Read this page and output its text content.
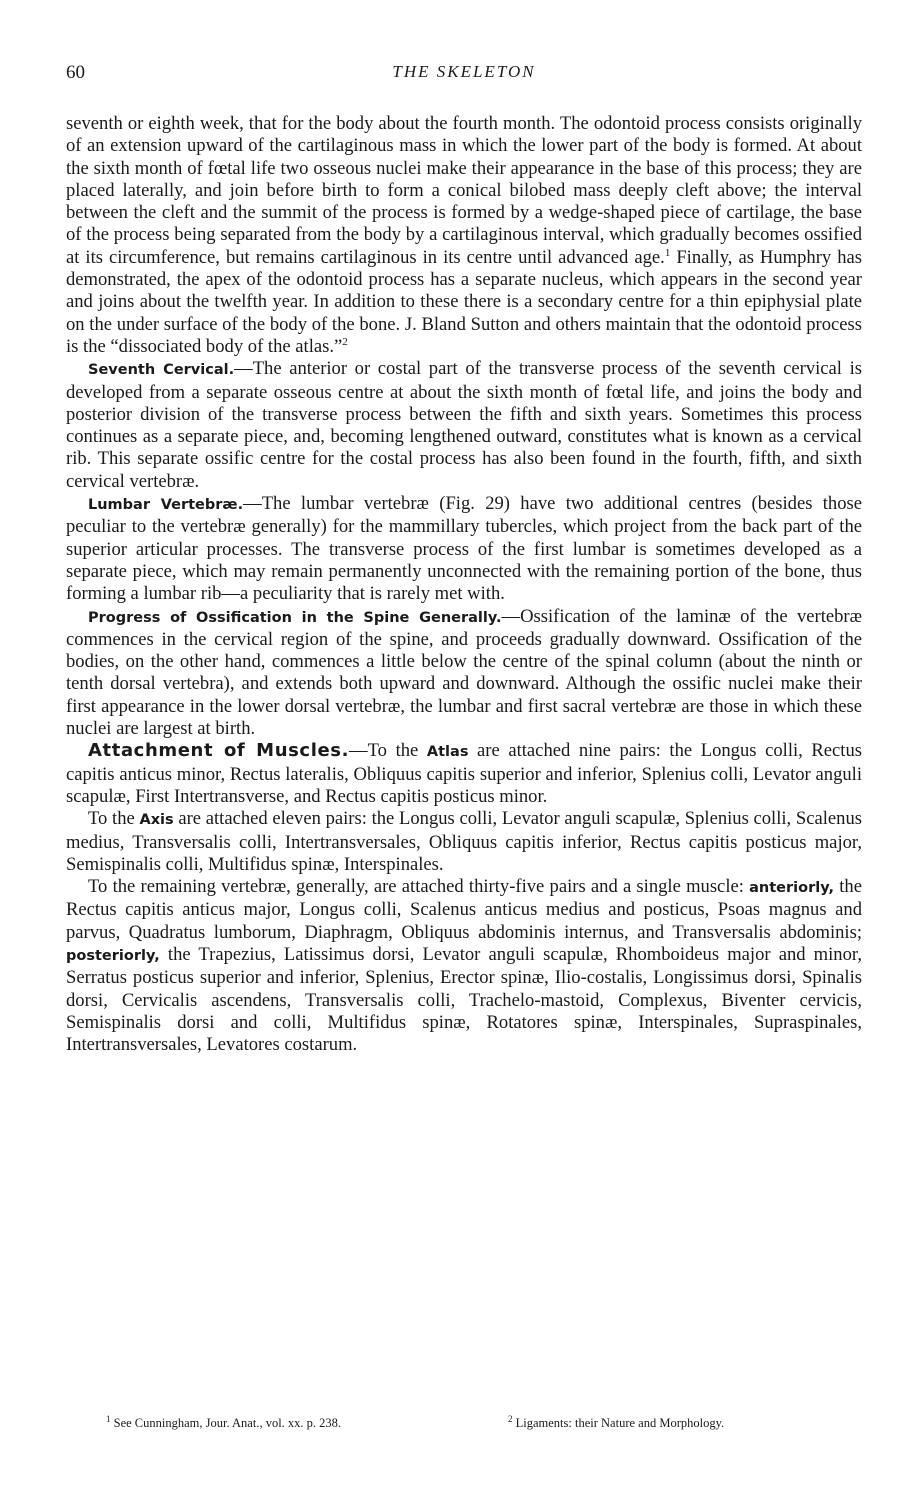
60	THE SKELETON

seventh or eighth week, that for the body about the fourth month. The odontoid process consists originally of an extension upward of the cartilaginous mass in which the lower part of the body is formed. At about the sixth month of fœtal life two osseous nuclei make their appearance in the base of this process; they are placed laterally, and join before birth to form a conical bilobed mass deeply cleft above; the interval between the cleft and the summit of the process is formed by a wedge-shaped piece of cartilage, the base of the process being separated from the body by a cartilaginous interval, which gradually becomes ossified at its circumference, but remains cartilaginous in its centre until advanced age.$^1$ Finally, as Humphry has demonstrated, the apex of the odontoid process has a separate nucleus, which appears in the second year and joins about the twelfth year. In addition to these there is a secondary centre for a thin epiphysial plate on the under surface of the body of the bone. J. Bland Sutton and others maintain that the odontoid process is the “dissociated body of the atlas.”$^2$

Seventh Cervical.—The anterior or costal part of the transverse process of the seventh cervical is developed from a separate osseous centre at about the sixth month of fœtal life, and joins the body and posterior division of the transverse process between the fifth and sixth years. Sometimes this process continues as a separate piece, and, becoming lengthened outward, constitutes what is known as a cervical rib. This separate ossific centre for the costal process has also been found in the fourth, fifth, and sixth cervical vertebræ.

Lumbar Vertebræ.—The lumbar vertebræ (Fig. 29) have two additional centres (besides those peculiar to the vertebræ generally) for the mammillary tubercles, which project from the back part of the superior articular processes. The transverse process of the first lumbar is sometimes developed as a separate piece, which may remain permanently unconnected with the remaining portion of the bone, thus forming a lumbar rib—a peculiarity that is rarely met with.

Progress of Ossification in the Spine Generally.—Ossification of the laminæ of the vertebræ commences in the cervical region of the spine, and proceeds gradually downward. Ossification of the bodies, on the other hand, commences a little below the centre of the spinal column (about the ninth or tenth dorsal vertebra), and extends both upward and downward. Although the ossific nuclei make their first appearance in the lower dorsal vertebræ, the lumbar and first sacral vertebræ are those in which these nuclei are largest at birth.

Attachment of Muscles.—To the Atlas are attached nine pairs: the Longus colli, Rectus capitis anticus minor, Rectus lateralis, Obliquus capitis superior and inferior, Splenius colli, Levator anguli scapulæ, First Intertransverse, and Rectus capitis posticus minor.

To the Axis are attached eleven pairs: the Longus colli, Levator anguli scapulæ, Splenius colli, Scalenus medius, Transversalis colli, Intertransversales, Obliquus capitis inferior, Rectus capitis posticus major, Semispinalis colli, Multifidus spinæ, Interspinales.

To the remaining vertebræ, generally, are attached thirty-five pairs and a single muscle: anteriorly, the Rectus capitis anticus major, Longus colli, Scalenus anticus medius and posticus, Psoas magnus and parvus, Quadratus lumborum, Diaphragm, Obliquus abdominis internus, and Transversalis abdominis; posteriorly, the Trapezius, Latissimus dorsi, Levator anguli scapulæ, Rhomboideus major and minor, Serratus posticus superior and inferior, Splenius, Erector spinæ, Ilio-costalis, Longissimus dorsi, Spinalis dorsi, Cervicalis ascendens, Transversalis colli, Trachelo-mastoid, Complexus, Biventer cervicis, Semispinalis dorsi and colli, Multifidus spinæ, Rotatores spinæ, Interspinales, Supraspinales, Intertransversales, Levatores costarum.

$^1$ See Cunningham, Jour. Anat., vol. xx. p. 238.	$^2$ Ligaments: their Nature and Morphology.
